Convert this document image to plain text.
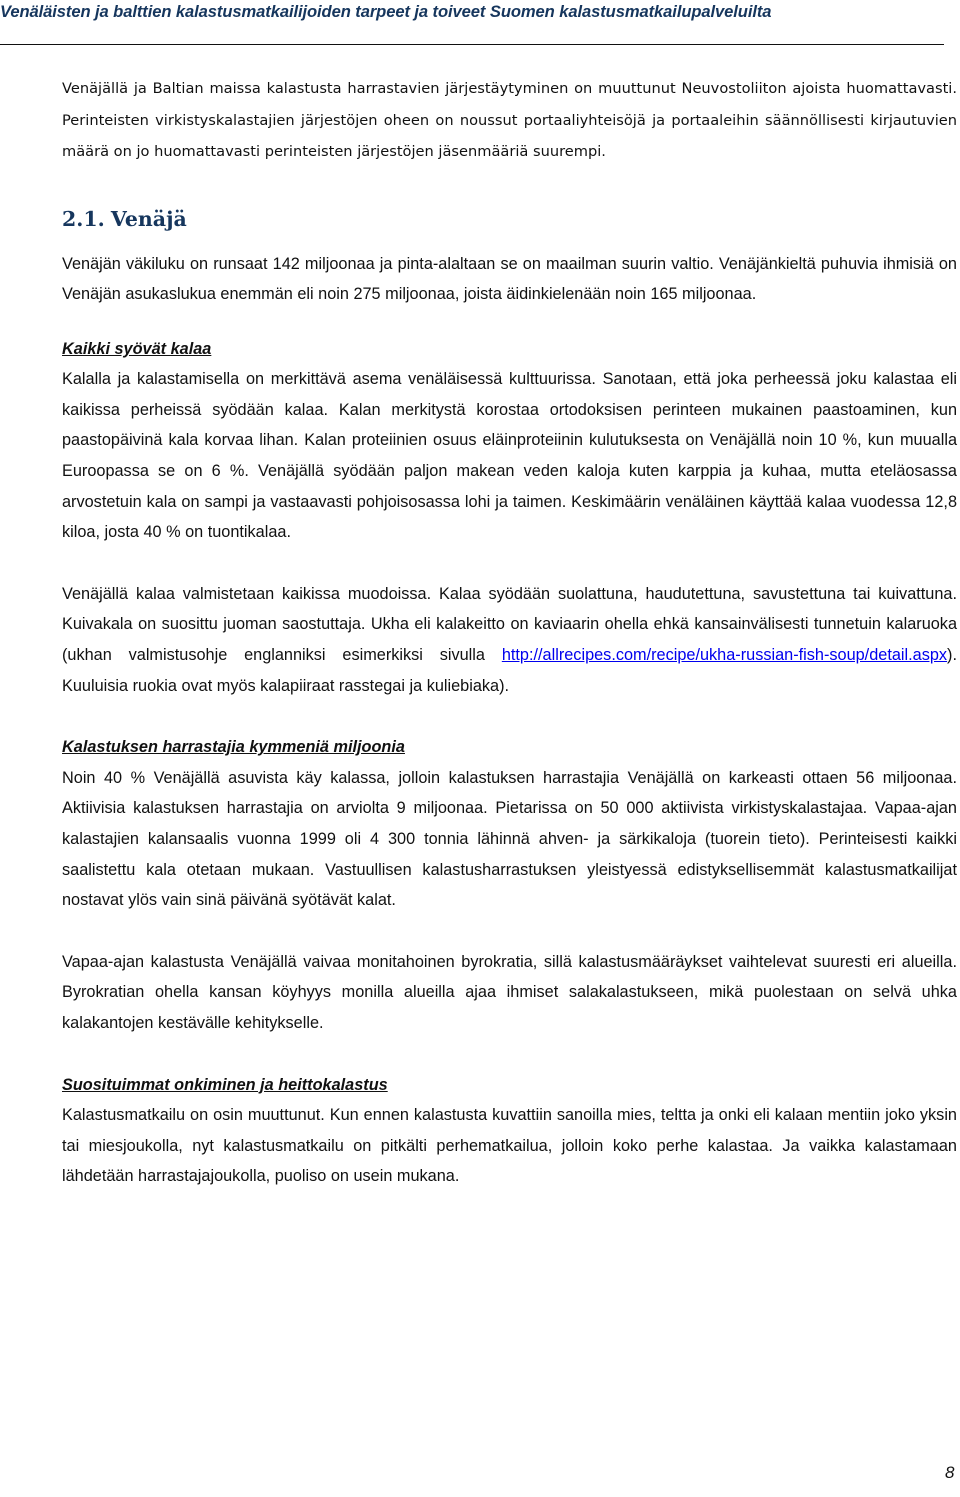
Venäläisten ja balttien kalastusmatkailijoiden tarpeet ja toiveet Suomen kalastusmatkailupalveluilta

Venäjällä ja Baltian maissa kalastusta harrastavien järjestäytyminen on muuttunut Neuvostoliiton ajoista huomattavasti. Perinteisten virkistyskalastajien järjestöjen oheen on noussut portaaliyhteisöjä ja portaaleihin säännöllisesti kirjautuvien määrä on jo huomattavasti perinteisten järjestöjen jäsenmääriä suurempi.

2.1. Venäjä

Venäjän väkiluku on runsaat 142 miljoonaa ja pinta-alaltaan se on maailman suurin valtio. Venäjänkieltä puhuvia ihmisiä on Venäjän asukaslukua enemmän eli noin 275 miljoonaa, joista äidinkielenään noin 165 miljoonaa.

Kaikki syövät kalaa

Kalalla ja kalastamisella on merkittävä asema venäläisessä kulttuurissa. Sanotaan, että joka perheessä joku kalastaa eli kaikissa perheissä syödään kalaa. Kalan merkitystä korostaa ortodoksisen perinteen mukainen paastoaminen, kun paastopäivinä kala korvaa lihan. Kalan proteiinien osuus eläinproteiinin kulutuksesta on Venäjällä noin 10 %, kun muualla Euroopassa se on 6 %. Venäjällä syödään paljon makean veden kaloja kuten karppia ja kuhaa, mutta eteläosassa arvostetuin kala on sampi ja vastaavasti pohjoisosassa lohi ja taimen. Keskimäärin venäläinen käyttää kalaa vuodessa 12,8 kiloa, josta 40 % on tuontikalaa.

Venäjällä kalaa valmistetaan kaikissa muodoissa. Kalaa syödään suolattuna, haudutettuna, savustettuna tai kuivattuna. Kuivakala on suosittu juoman saostuttaja. Ukha eli kalakeitto on kaviaarin ohella ehkä kansainvälisesti tunnetuin kalaruoka (ukhan valmistusohje englanniksi esimerkiksi sivulla http://allrecipes.com/recipe/ukha-russian-fish-soup/detail.aspx). Kuuluisia ruokia ovat myös kalapiiraat rasstegai ja kuliebiaka).

Kalastuksen harrastajia kymmeniä miljoonia

Noin 40 % Venäjällä asuvista käy kalassa, jolloin kalastuksen harrastajia Venäjällä on karkeasti ottaen 56 miljoonaa. Aktiivisia kalastuksen harrastajia on arviolta 9 miljoonaa. Pietarissa on 50 000 aktiivista virkistyskalastajaa. Vapaa-ajan kalastajien kalansaalis vuonna 1999 oli 4 300 tonnia lähinnä ahven- ja särkikaloja (tuorein tieto). Perinteisesti kaikki saalistettu kala otetaan mukaan. Vastuullisen kalastusharrastuksen yleistyessä edistyksellisemmät kalastusmatkailijat nostavat ylös vain sinä päivänä syötävät kalat.

Vapaa-ajan kalastusta Venäjällä vaivaa monitahoinen byrokratia, sillä kalastusmääräykset vaihtelevat suuresti eri alueilla. Byrokratian ohella kansan köyhyys monilla alueilla ajaa ihmiset salakalastukseen, mikä puolestaan on selvä uhka kalakantojen kestävälle kehitykselle.

Suosituimmat onkiminen ja heittokalastus

Kalastusmatkailu on osin muuttunut. Kun ennen kalastusta kuvattiin sanoilla mies, teltta ja onki eli kalaan mentiin joko yksin tai miesjoukolla, nyt kalastusmatkailu on pitkälti perhematkailua, jolloin koko perhe kalastaa. Ja vaikka kalastamaan lähdetään harrastajajoukolla, puoliso on usein mukana.

8
